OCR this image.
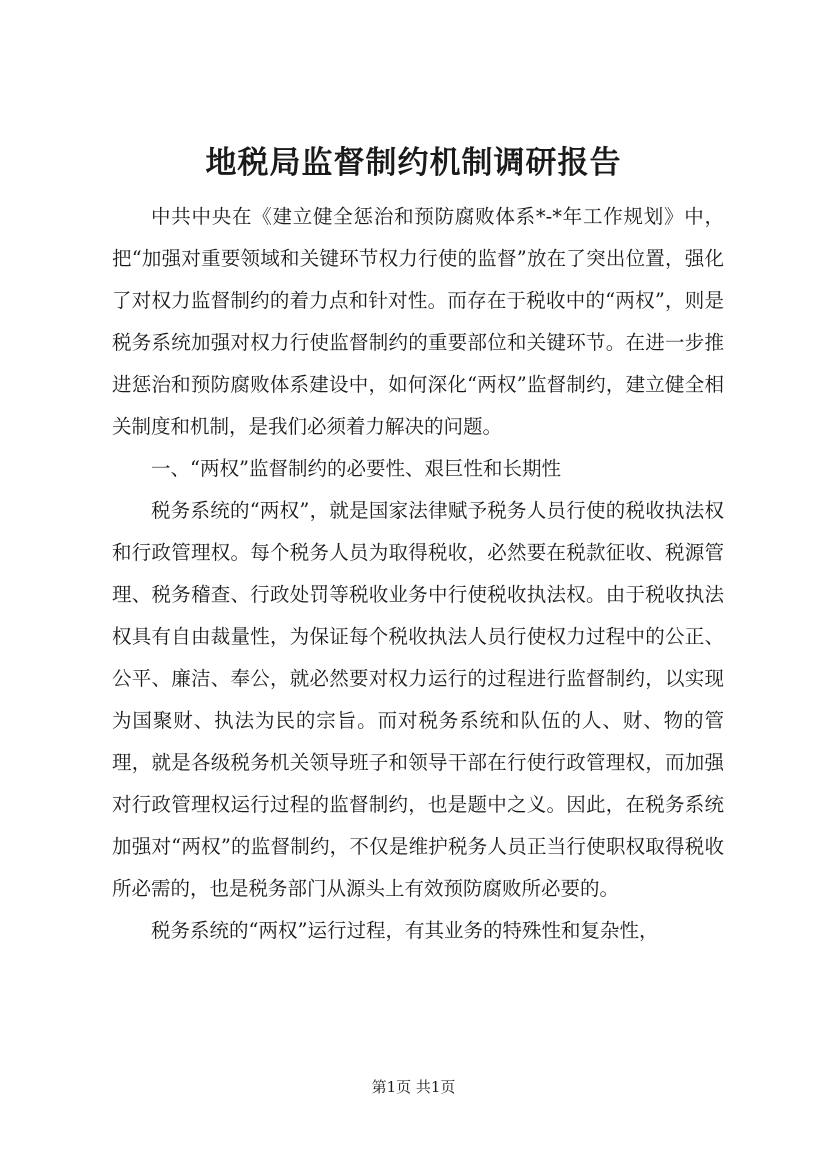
地税局监督制约机制调研报告

中共中央在《建立健全惩治和预防腐败体系*-*年工作规划》中，把“加强对重要领域和关键环节权力行使的监督”放在了突出位置，强化了对权力监督制约的着力点和针对性。而存在于税收中的“两权”，则是税务系统加强对权力行使监督制约的重要部位和关键环节。在进一步推进惩治和预防腐败体系建设中，如何深化“两权”监督制约，建立健全相关制度和机制，是我们必须着力解决的问题。

一、“两权”监督制约的必要性、艰巨性和长期性

税务系统的“两权”，就是国家法律赋予税务人员行使的税收执法权和行政管理权。每个税务人员为取得税收，必然要在税款征收、税源管理、税务稽查、行政处罚等税收业务中行使税收执法权。由于税收执法权具有自由裁量性，为保证每个税收执法人员行使权力过程中的公正、公平、廉洁、奉公，就必然要对权力运行的过程进行监督制约，以实现为国聚财、执法为民的宗旨。而对税务系统和队伍的人、财、物的管理，就是各级税务机关领导班子和领导干部在行使行政管理权，而加强对行政管理权运行过程的监督制约，也是题中之义。因此，在税务系统加强对“两权”的监督制约，不仅是维护税务人员正当行使职权取得税收所必需的，也是税务部门从源头上有效预防腐败所必要的。

税务系统的“两权”运行过程，有其业务的特殊性和复杂性，

第1页 共1页
